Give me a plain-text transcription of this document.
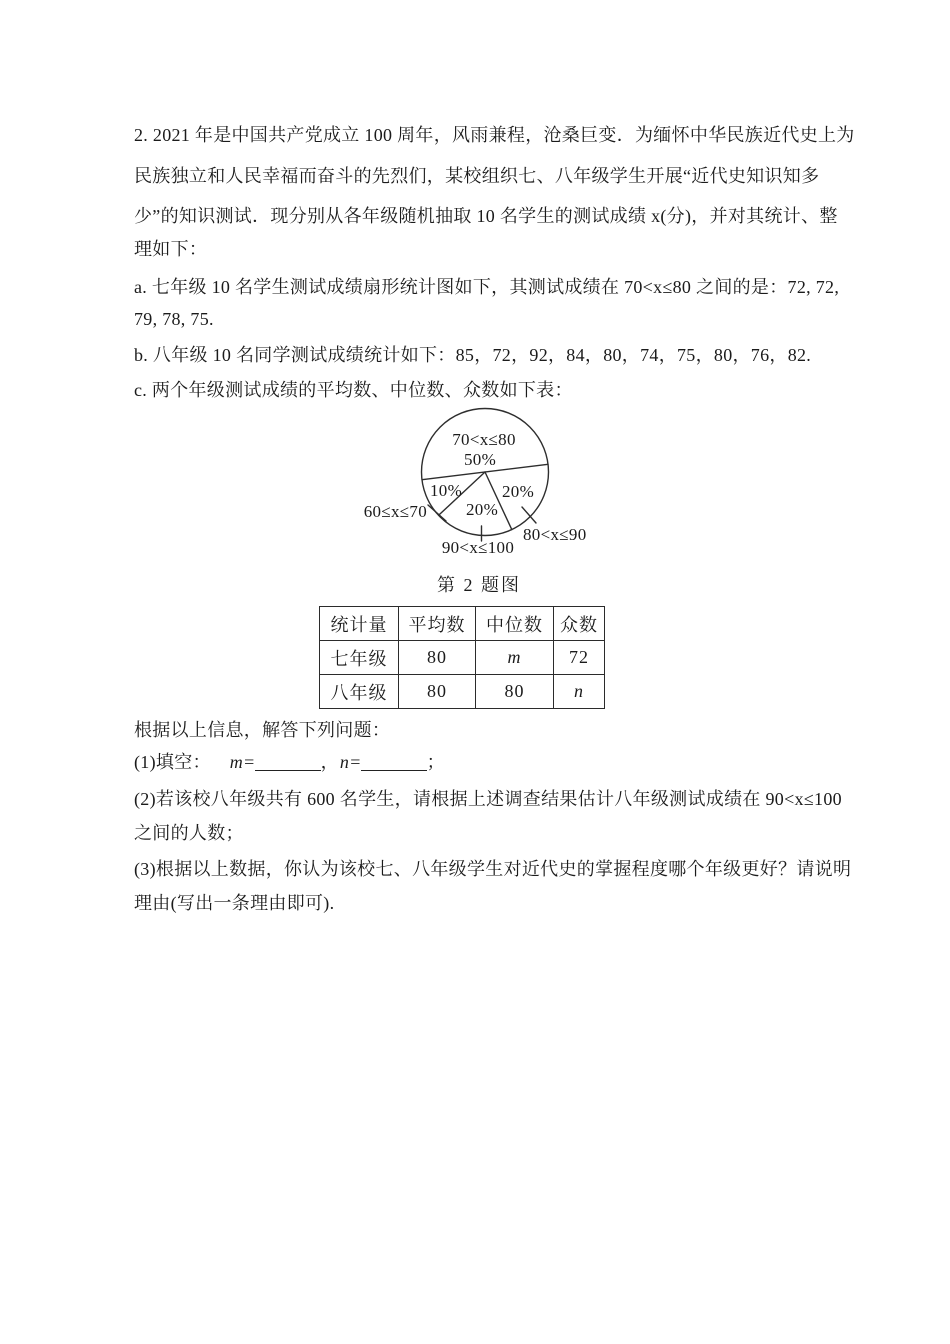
2. 2021 年是中国共产党成立 100 周年，风雨兼程，沧桑巨变．为缅怀中华民族近代史上为
民族独立和人民幸福而奋斗的先烈们，某校组织七、八年级学生开展“近代史知识知多
少”的知识测试．现分别从各年级随机抽取 10 名学生的测试成绩 x(分)，并对其统计、整
理如下：
a. 七年级 10 名学生测试成绩扇形统计图如下，其测试成绩在 70<x≤80 之间的是：72, 72,
79, 78, 75.
b. 八年级 10 名同学测试成绩统计如下：85，72，92，84，80，74，75，80，76，82.
c. 两个年级测试成绩的平均数、中位数、众数如下表：
70<x≤80
50%
10%
20%
20%
60≤x≤70
90<x≤100
80<x≤90
第 2 题图
统计量	平均数	中位数	众数
七年级	80	m	72
八年级	80	80	n
根据以上信息，解答下列问题：
(1)填空： m=	，n=	；
(2)若该校八年级共有 600 名学生，请根据上述调查结果估计八年级测试成绩在 90<x≤100
之间的人数；
(3)根据以上数据，你认为该校七、八年级学生对近代史的掌握程度哪个年级更好？请说明
理由(写出一条理由即可).
